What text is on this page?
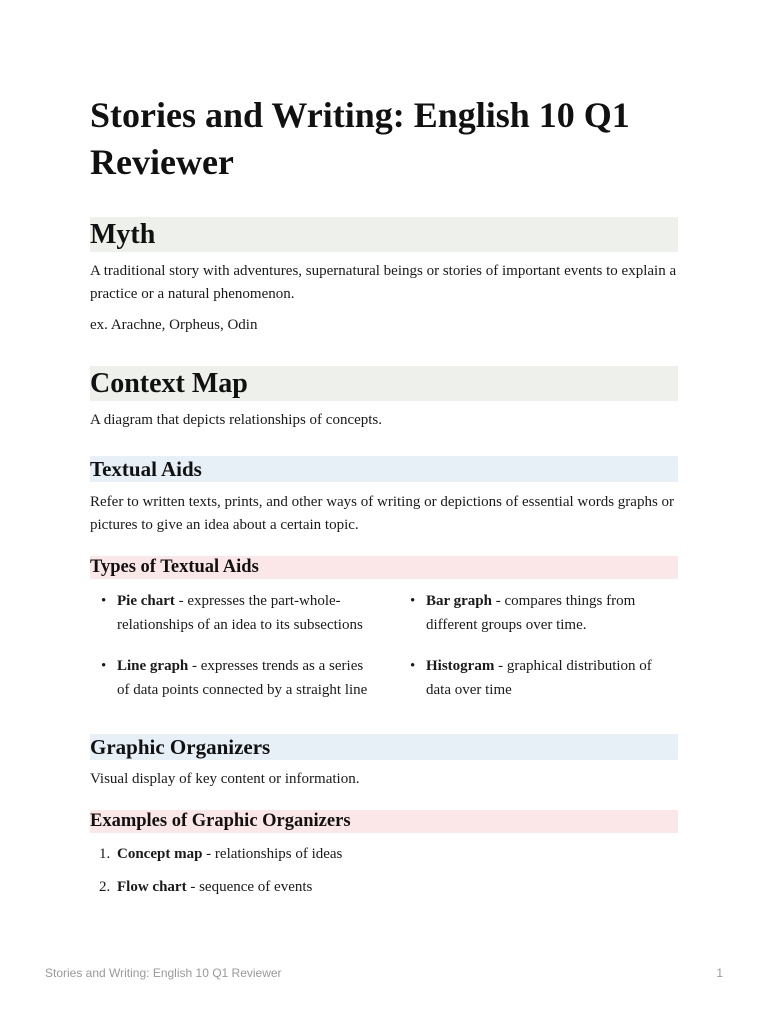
Stories and Writing: English 10 Q1 Reviewer
Myth

A traditional story with adventures, supernatural beings or stories of important events to explain a practice or a natural phenomenon.

ex. Arachne, Orpheus, Odin

Context Map

A diagram that depicts relationships of concepts.

Textual Aids

Refer to written texts, prints, and other ways of writing or depictions of essential words graphs or pictures to give an idea about a certain topic.

Types of Textual Aids
• Pie chart - expresses the part-whole-relationships of an idea to its subsections
• Bar graph - compares things from different groups over time.
• Line graph - expresses trends as a series of data points connected by a straight line
• Histogram - graphical distribution of data over time
Graphic Organizers

Visual display of key content or information.

Examples of Graphic Organizers
1. Concept map - relationships of ideas
2. Flow chart - sequence of events
Stories and Writing: English 10 Q1 Reviewer	1
